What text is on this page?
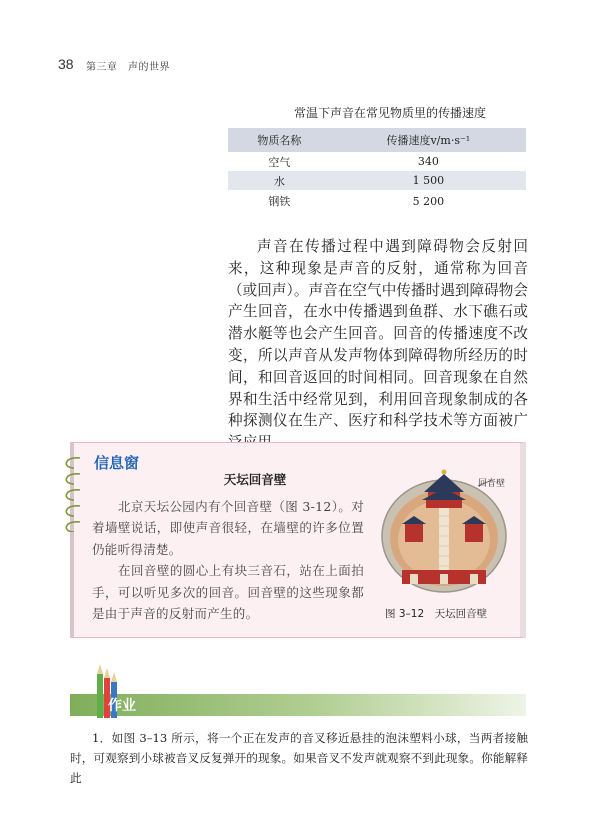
38 第三章　声的世界
常温下声音在常见物质里的传播速度
物质名称	传播速度v/m·s⁻¹
空气	340
水	1 500
钢铁	5 200
声音在传播过程中遇到障碍物会反射回来，这种现象是声音的反射，通常称为回音（或回声）。声音在空气中传播时遇到障碍物会产生回音，在水中传播遇到鱼群、水下礁石或潜水艇等也会产生回音。回音的传播速度不改变，所以声音从发声物体到障碍物所经历的时间，和回音返回的时间相同。回音现象在自然界和生活中经常见到，利用回音现象制成的各种探测仪在生产、医疗和科学技术等方面被广
信息窗
天坛回音壁

北京天坛公园内有个回音壁（图 3-12）。对着墙壁说话，即使声音很轻，在墙壁的许多位置仍能听得清楚。

在回音壁的圆心上有块三音石，站在上面拍手，可以听见多次的回音。回音壁的这些现象都是由于声音的反射而产生的。

回音壁
图 3–12　天坛回音壁
作业

1．如图 3–13 所示，将一个正在发声的音叉移近悬挂的泡沫塑料小球，当两者接触时，可观察到小球被音叉反复弹开的现象。如果音叉不发声就观察不到此现象。你能解释此
